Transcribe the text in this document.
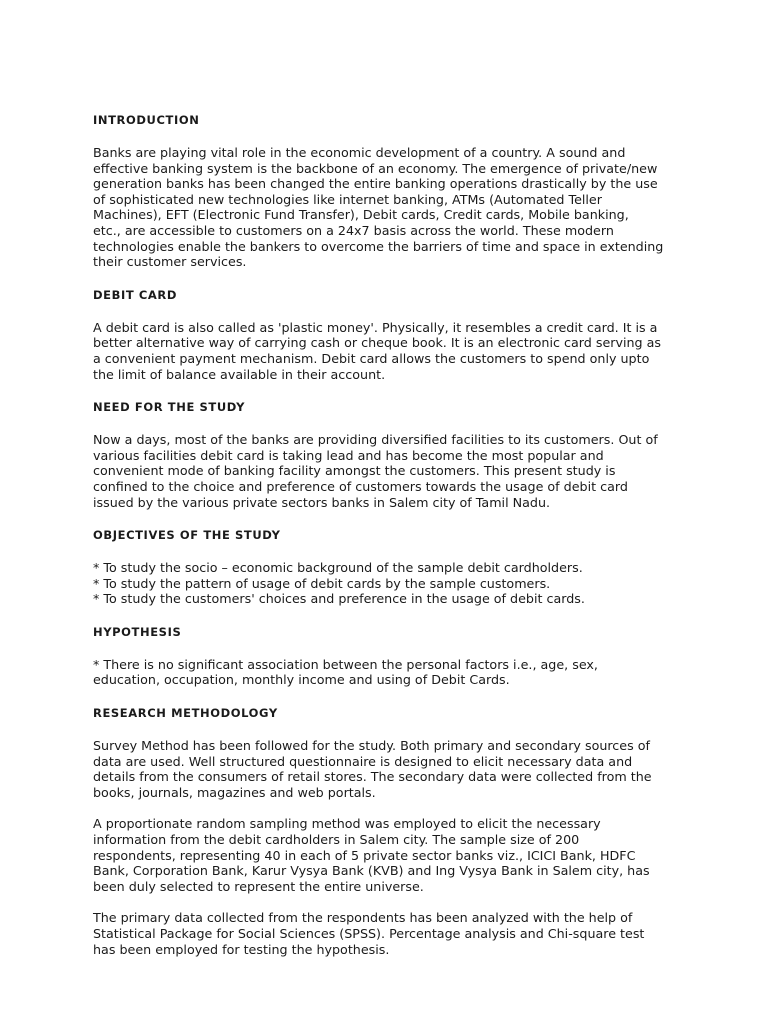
INTRODUCTION

Banks are playing vital role in the economic development of a country. A sound and
effective banking system is the backbone of an economy. The emergence of private/new
generation banks has been changed the entire banking operations drastically by the use
of sophisticated new technologies like internet banking, ATMs (Automated Teller
Machines), EFT (Electronic Fund Transfer), Debit cards, Credit cards, Mobile banking,
etc., are accessible to customers on a 24x7 basis across the world. These modern
technologies enable the bankers to overcome the barriers of time and space in extending
their customer services.

DEBIT CARD

A debit card is also called as 'plastic money'. Physically, it resembles a credit card. It is a
better alternative way of carrying cash or cheque book. It is an electronic card serving as
a convenient payment mechanism. Debit card allows the customers to spend only upto
the limit of balance available in their account.

NEED FOR THE STUDY

Now a days, most of the banks are providing diversified facilities to its customers. Out of
various facilities debit card is taking lead and has become the most popular and
convenient mode of banking facility amongst the customers. This present study is
confined to the choice and preference of customers towards the usage of debit card
issued by the various private sectors banks in Salem city of Tamil Nadu.

OBJECTIVES OF THE STUDY

* To study the socio – economic background of the sample debit cardholders.
* To study the pattern of usage of debit cards by the sample customers.
* To study the customers' choices and preference in the usage of debit cards.

HYPOTHESIS

* There is no significant association between the personal factors i.e., age, sex,
education, occupation, monthly income and using of Debit Cards.

RESEARCH METHODOLOGY

Survey Method has been followed for the study. Both primary and secondary sources of
data are used. Well structured questionnaire is designed to elicit necessary data and
details from the consumers of retail stores. The secondary data were collected from the
books, journals, magazines and web portals.

A proportionate random sampling method was employed to elicit the necessary
information from the debit cardholders in Salem city. The sample size of 200
respondents, representing 40 in each of 5 private sector banks viz., ICICI Bank, HDFC
Bank, Corporation Bank, Karur Vysya Bank (KVB) and Ing Vysya Bank in Salem city, has
been duly selected to represent the entire universe.

The primary data collected from the respondents has been analyzed with the help of
Statistical Package for Social Sciences (SPSS). Percentage analysis and Chi-square test
has been employed for testing the hypothesis.
